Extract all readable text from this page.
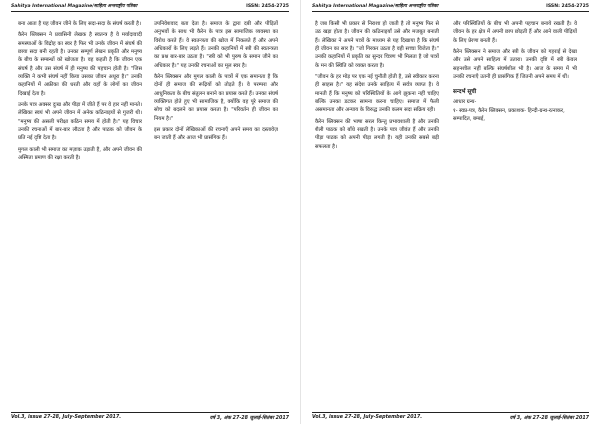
Sahitya International Magazine/साहित्य अन्तराष्ट्रीय पत्रिका	ISSN: 2454-2725

बना आता है यह जीवन जीने के लिए सदा-सदा के संघर्ष करती है।

कैरेन ब्लिक्सन ने प्रवासिनी लेखक है स्वतन्त्र है वे मर्यादावादी समस्याओं के विद्रोह का स्वर है फिर भी उनके जीवन में संघर्ष की छाया सदा बनी रहती है। उनका सम्पूर्ण लेखन प्रकृति और मनुष्य के बीच के सम्बन्धों को खोजता है। वह कहती है कि जीवन एक संघर्ष है और उस संघर्ष में ही मनुष्य की पहचान होती है। "जिस व्यक्ति ने कभी संघर्ष नहीं किया उसका जीवन अधूरा है।" उनकी कहानियों में अफ्रीका की धरती और वहाँ के लोगों का जीवन दिखाई देता है।

उनके पात्र अक्सर दुःख और पीड़ा में जीते हैं पर वे हार नहीं मानते। लेखिका स्वयं भी अपने जीवन में अनेक कठिनाइयों से गुजरी थी। "मनुष्य की असली परीक्षा कठिन समय में होती है।" यह विचार उनकी रचनाओं में बार-बार लौटता है और पाठक को जीवन के प्रति नई दृष्टि देता है।

मुगल काली भी समाज का मज़ाक उड़ाती है, और अपने जीवन की अस्मिता प्रमाण की रक्षा करती है।

उपनिवेशवाद बता देता है। समाज के द्वारा दबी और पीड़ितों अनुभवों के साथ भी कैरेन के पात्र इस सामाजिक व्यवस्था का विरोध करते हैं। वे स्वतन्त्रता की खोज में निकलते हैं और अपने अधिकारों के लिए लड़ते हैं। उनकी कहानियों में स्त्री की स्वतन्त्रता का प्रश्न बार-बार उठता है। "स्त्री को भी पुरुष के समान जीने का अधिकार है।" यह उनकी रचनाओं का मूल स्वर है।

कैरेन ब्लिक्सन और मुगल काली के पात्रों में एक समानता है कि दोनों ही समाज की रूढ़ियों को तोड़ते हैं। वे परम्परा और आधुनिकता के बीच संतुलन बनाने का प्रयास करते हैं। उनका संघर्ष व्यक्तिगत होते हुए भी सामाजिक है, क्योंकि वह पूरे समाज की सोच को बदलने का प्रयास करता है। "परिवर्तन ही जीवन का नियम है।"

इस प्रकार दोनों लेखिकाओं की रचनाएँ अपने समय का दस्तावेज़ बन जाती हैं और आज भी प्रासंगिक हैं।

Vol.3, issue 27-28, July-September 2017.	वर्ष 3, अंक 27-28 जुलाई-सितंबर 2017
Sahitya International Magazine/साहित्य अन्तराष्ट्रीय पत्रिका	ISSN: 2454-2725

है जब किसी भी प्रकार से निराशा हो जाती है तो मनुष्य फिर से उठ खड़ा होता है। जीवन की कठिनाइयाँ उसे और मजबूत बनाती हैं। लेखिका ने अपने पात्रों के माध्यम से यह दिखाया है कि संघर्ष ही जीवन का सार है। "जो गिरकर उठता है वही सच्चा विजेता है।" उनकी कहानियों में प्रकृति का सुन्दर चित्रण भी मिलता है जो पात्रों के मन की स्थिति को व्यक्त करता है।

"जीवन के हर मोड़ पर एक नई चुनौती होती है, उसे स्वीकार करना ही साहस है।" यह संदेश उनके साहित्य में सर्वत्र व्याप्त है। वे मानती हैं कि मनुष्य को परिस्थितियों के आगे झुकना नहीं चाहिए बल्कि उनका डटकर सामना करना चाहिए। समाज में फैली असमानता और अन्याय के विरुद्ध उनकी कलम सदा सक्रिय रही।

कैरेन ब्लिक्सन की भाषा सरल किन्तु प्रभावशाली है और उनकी शैली पाठक को बाँधे रखती है। उनके पात्र जीवंत हैं और उनकी पीड़ा पाठक को अपनी पीड़ा लगती है। यही उनकी सबसे बड़ी सफलता है।

और परिस्थितियों के बीच भी अपनी पहचान बनाये रखती है। वे जीवन के हर क्षेत्र में अपनी छाप छोड़ती हैं और आने वाली पीढ़ियों के लिए प्रेरणा बनती हैं।

कैरेन ब्लिक्सन ने समाज और स्त्री के जीवन को गहराई से देखा और उसे अपने साहित्य में उतारा। उनकी दृष्टि में स्त्री केवल सहनशील नहीं बल्कि संघर्षशील भी है। आज के समय में भी उनकी रचनाएँ उतनी ही प्रासंगिक हैं जितनी अपने समय में थीं।

सन्दर्भ सूची

आधार ग्रन्थ-

१- स्वप्न-पत्र, कैरेन ब्लिक्सन, प्रकाशक- हिन्दी-ग्रन्थ-रत्नाकर, सम्पादित, बम्बई,

Vol.3, issue 27-28, July-September 2017.	वर्ष 3, अंक 27-28 जुलाई-सितंबर 2017
